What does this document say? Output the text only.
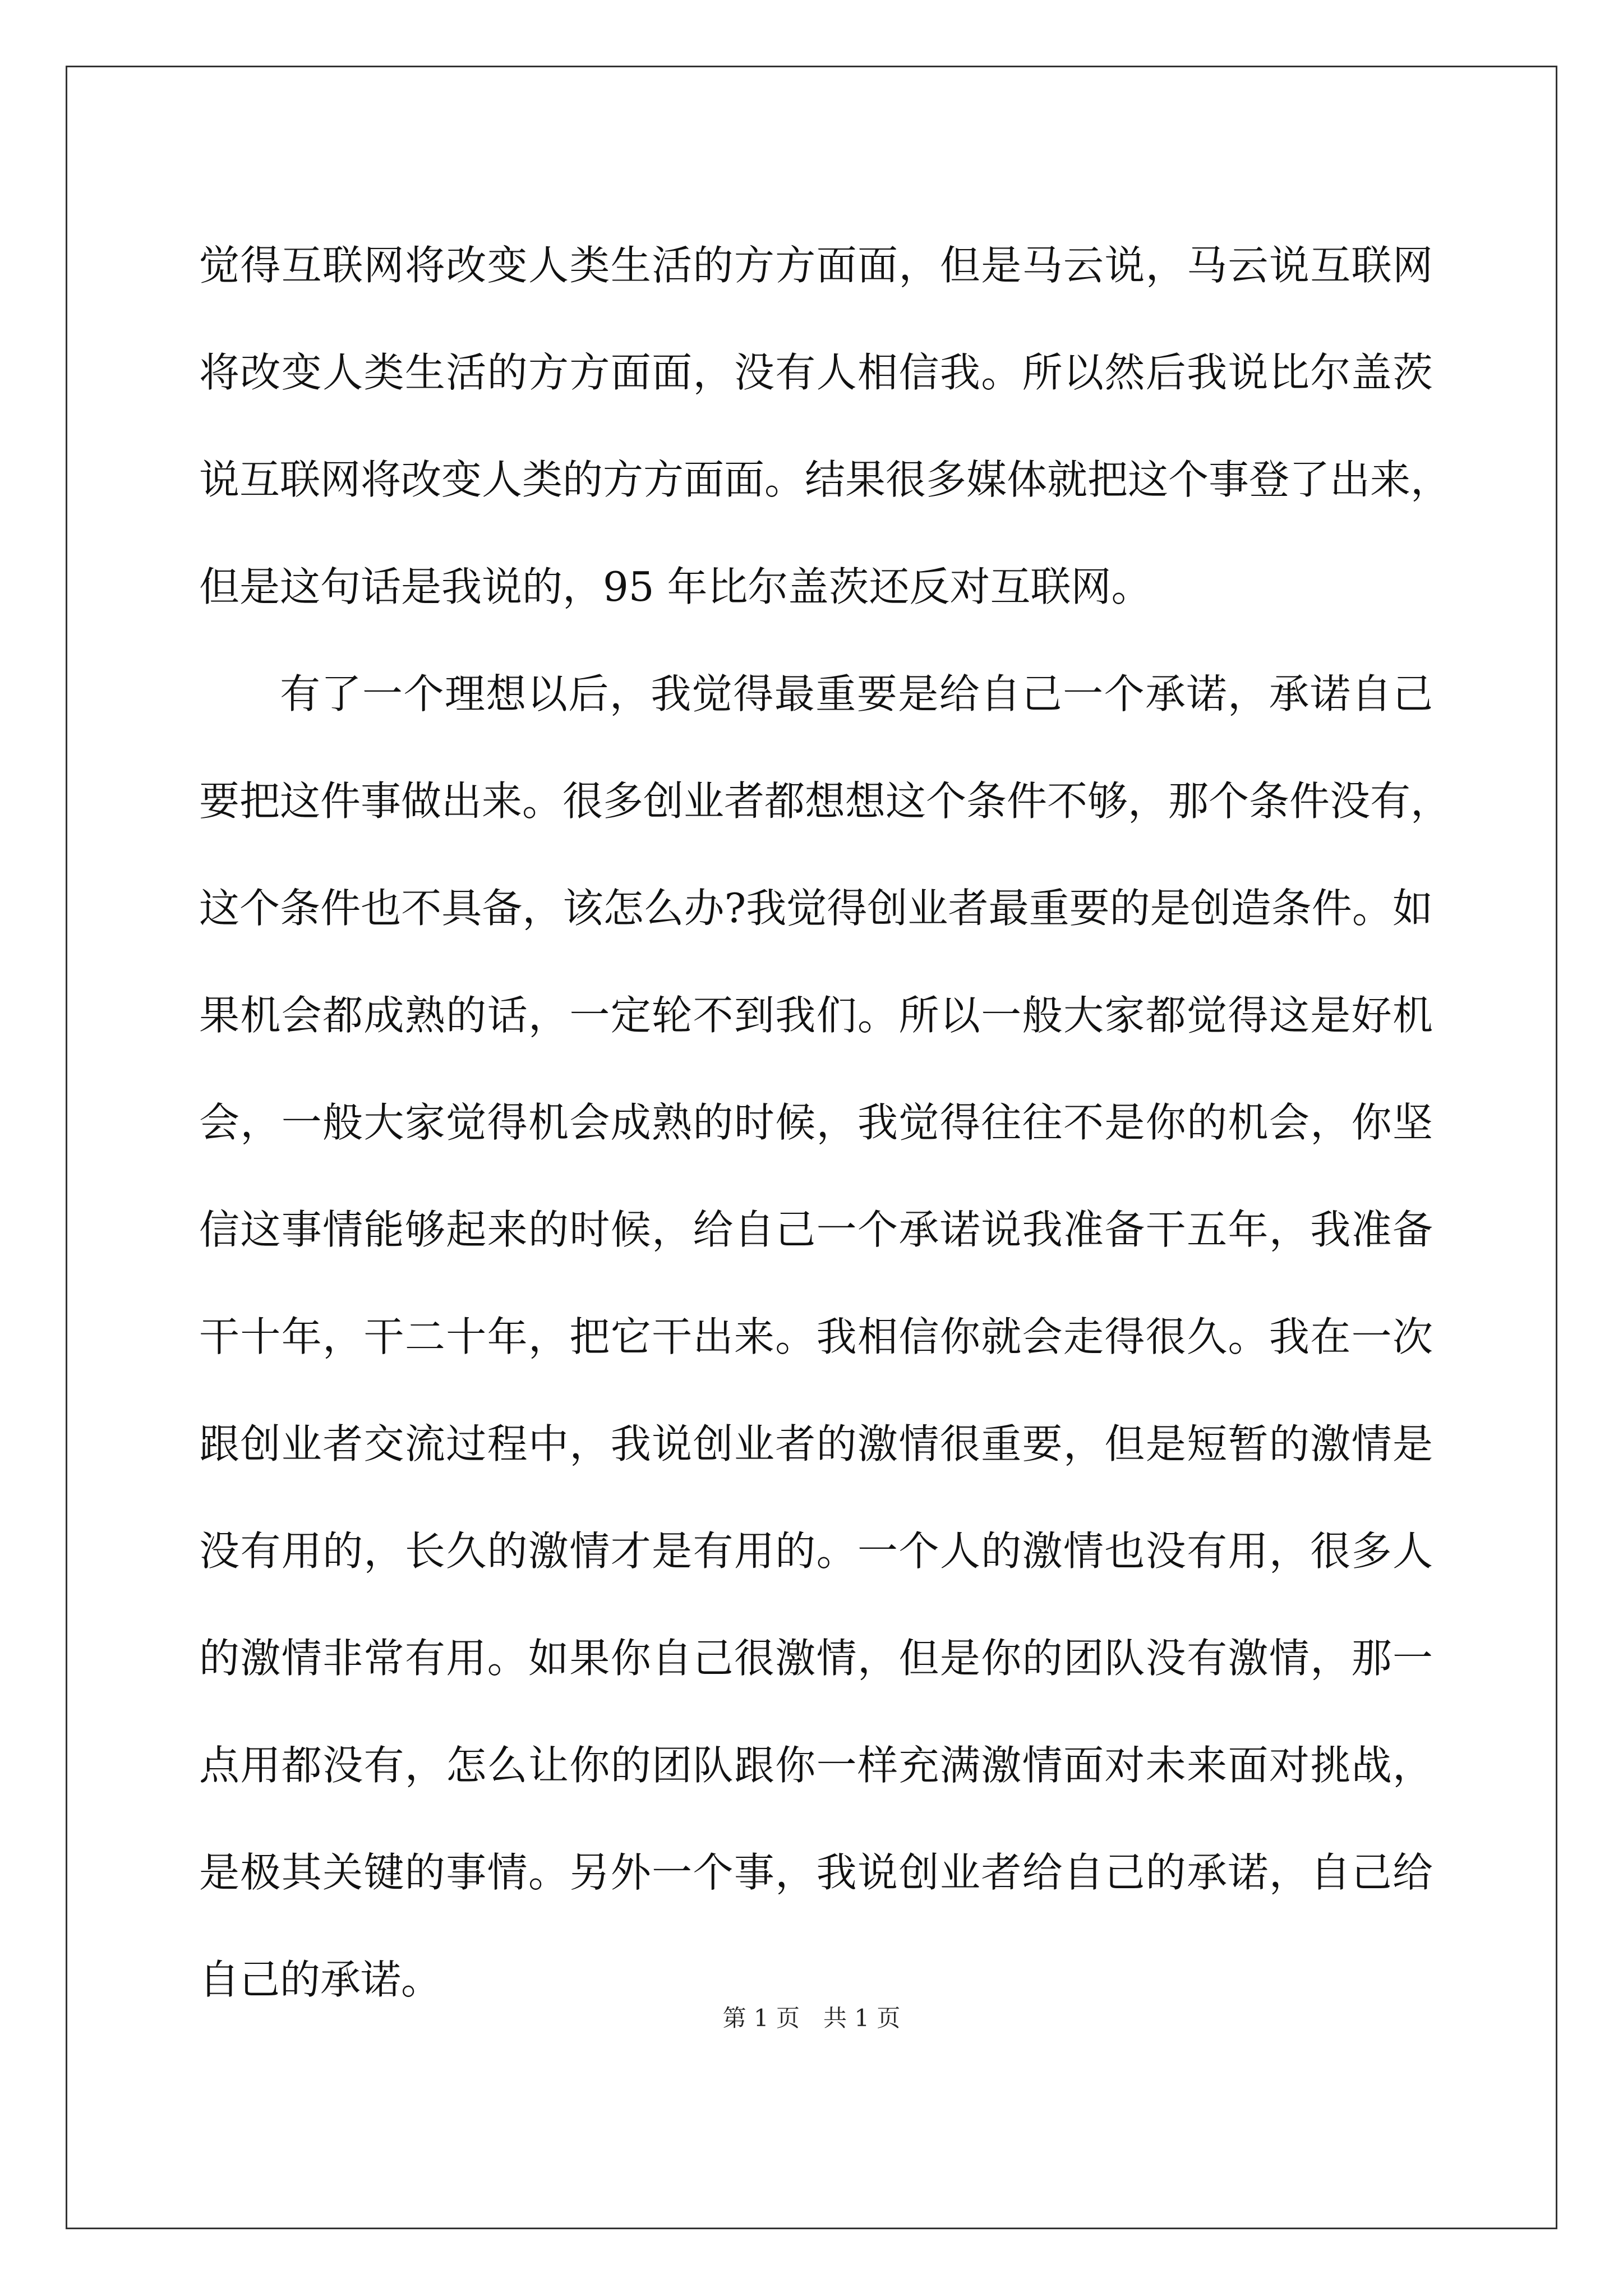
觉得互联网将改变人类生活的方方面面，但是马云说，马云说互联网
将改变人类生活的方方面面，没有人相信我。所以然后我说比尔盖茨
说互联网将改变人类的方方面面。结果很多媒体就把这个事登了出来，
但是这句话是我说的，95 年比尔盖茨还反对互联网。
有了一个理想以后，我觉得最重要是给自己一个承诺，承诺自己
要把这件事做出来。很多创业者都想想这个条件不够，那个条件没有，
这个条件也不具备，该怎么办?我觉得创业者最重要的是创造条件。如
果机会都成熟的话，一定轮不到我们。所以一般大家都觉得这是好机
会，一般大家觉得机会成熟的时候，我觉得往往不是你的机会，你坚
信这事情能够起来的时候，给自己一个承诺说我准备干五年，我准备
干十年，干二十年，把它干出来。我相信你就会走得很久。我在一次
跟创业者交流过程中，我说创业者的激情很重要，但是短暂的激情是
没有用的，长久的激情才是有用的。一个人的激情也没有用，很多人
的激情非常有用。如果你自己很激情，但是你的团队没有激情，那一
点用都没有，怎么让你的团队跟你一样充满激情面对未来面对挑战，
是极其关键的事情。另外一个事，我说创业者给自己的承诺，自己给
自己的承诺。
第 1 页　共 1 页
